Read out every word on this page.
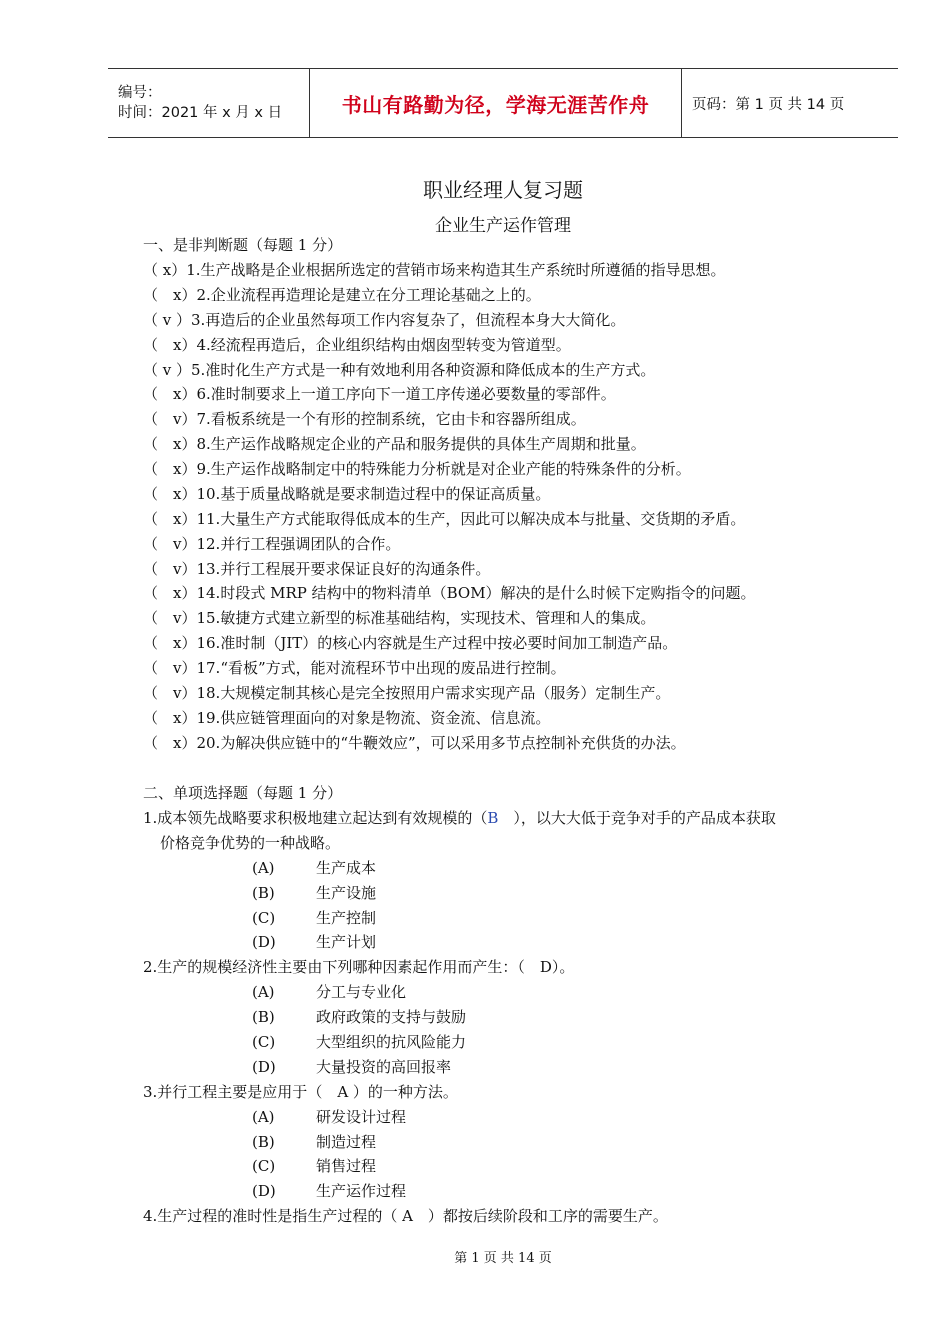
编号：
时间：2021 年 x 月 x 日	书山有路勤为径，学海无涯苦作舟	页码：第 1 页 共 14 页
职业经理人复习题
企业生产运作管理
一、是非判断题（每题 1 分）
（ x）1.生产战略是企业根据所选定的营销市场来构造其生产系统时所遵循的指导思想。
（　x）2.企业流程再造理论是建立在分工理论基础之上的。
（ v ）3.再造后的企业虽然每项工作内容复杂了，但流程本身大大简化。
（　x）4.经流程再造后，企业组织结构由烟囱型转变为管道型。
（ v ）5.准时化生产方式是一种有效地利用各种资源和降低成本的生产方式。
（　x）6.准时制要求上一道工序向下一道工序传递必要数量的零部件。
（　v）7.看板系统是一个有形的控制系统，它由卡和容器所组成。
（　x）8.生产运作战略规定企业的产品和服务提供的具体生产周期和批量。
（　x）9.生产运作战略制定中的特殊能力分析就是对企业产能的特殊条件的分析。
（　x）10.基于质量战略就是要求制造过程中的保证高质量。
（　x）11.大量生产方式能取得低成本的生产，因此可以解决成本与批量、交货期的矛盾。
（　v）12.并行工程强调团队的合作。
（　v）13.并行工程展开要求保证良好的沟通条件。
（　x）14.时段式 MRP 结构中的物料清单（BOM）解决的是什么时候下定购指令的问题。
（　v）15.敏捷方式建立新型的标准基础结构，实现技术、管理和人的集成。
（　x）16.准时制（JIT）的核心内容就是生产过程中按必要时间加工制造产品。
（　v）17.“看板”方式，能对流程环节中出现的废品进行控制。
（　v）18.大规模定制其核心是完全按照用户需求实现产品（服务）定制生产。
（　x）19.供应链管理面向的对象是物流、资金流、信息流。
（　x）20.为解决供应链中的“牛鞭效应”，可以采用多节点控制补充供货的办法。
二、单项选择题（每题 1 分）
1.成本领先战略要求积极地建立起达到有效规模的（B　），以大大低于竞争对手的产品成本获取
价格竞争优势的一种战略。
(A)	生产成本
(B)	生产设施
(C)	生产控制
(D)	生产计划
2.生产的规模经济性主要由下列哪种因素起作用而产生：（　D）。
(A)	分工与专业化
(B)	政府政策的支持与鼓励
(C)	大型组织的抗风险能力
(D)	大量投资的高回报率
3.并行工程主要是应用于（　A ）的一种方法。
(A)	研发设计过程
(B)	制造过程
(C)	销售过程
(D)	生产运作过程
4.生产过程的准时性是指生产过程的（ A　）都按后续阶段和工序的需要生产。
第 1 页 共 14 页
